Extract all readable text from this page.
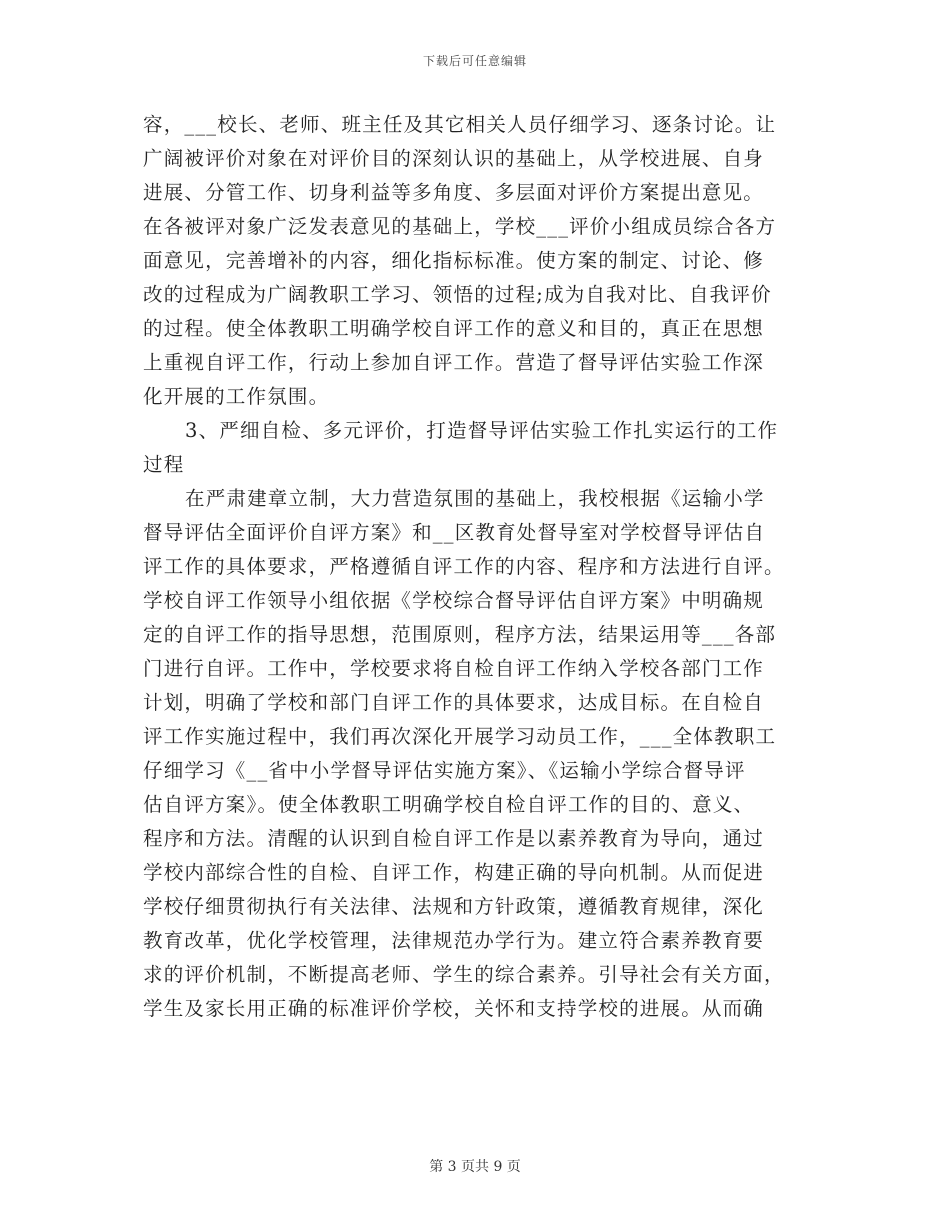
下载后可任意编辑
容，___校长、老师、班主任及其它相关人员仔细学习、逐条讨论。让
广阔被评价对象在对评价目的深刻认识的基础上，从学校进展、自身
进展、分管工作、切身利益等多角度、多层面对评价方案提出意见。
在各被评对象广泛发表意见的基础上，学校___评价小组成员综合各方
面意见，完善增补的内容，细化指标标准。使方案的制定、讨论、修
改的过程成为广阔教职工学习、领悟的过程;成为自我对比、自我评价
的过程。使全体教职工明确学校自评工作的意义和目的，真正在思想
上重视自评工作，行动上参加自评工作。营造了督导评估实验工作深
化开展的工作氛围。
3、严细自检、多元评价，打造督导评估实验工作扎实运行的工作
过程
在严肃建章立制，大力营造氛围的基础上，我校根据《运输小学
督导评估全面评价自评方案》和__区教育处督导室对学校督导评估自
评工作的具体要求，严格遵循自评工作的内容、程序和方法进行自评。
学校自评工作领导小组依据《学校综合督导评估自评方案》中明确规
定的自评工作的指导思想，范围原则，程序方法，结果运用等___各部
门进行自评。工作中，学校要求将自检自评工作纳入学校各部门工作
计划，明确了学校和部门自评工作的具体要求，达成目标。在自检自
评工作实施过程中，我们再次深化开展学习动员工作，___全体教职工
仔细学习《__省中小学督导评估实施方案》、《运输小学综合督导评
估自评方案》。使全体教职工明确学校自检自评工作的目的、意义、
程序和方法。清醒的认识到自检自评工作是以素养教育为导向，通过
学校内部综合性的自检、自评工作，构建正确的导向机制。从而促进
学校仔细贯彻执行有关法律、法规和方针政策，遵循教育规律，深化
教育改革，优化学校管理，法律规范办学行为。建立符合素养教育要
求的评价机制，不断提高老师、学生的综合素养。引导社会有关方面，
学生及家长用正确的标准评价学校，关怀和支持学校的进展。从而确
第 3 页共 9 页
